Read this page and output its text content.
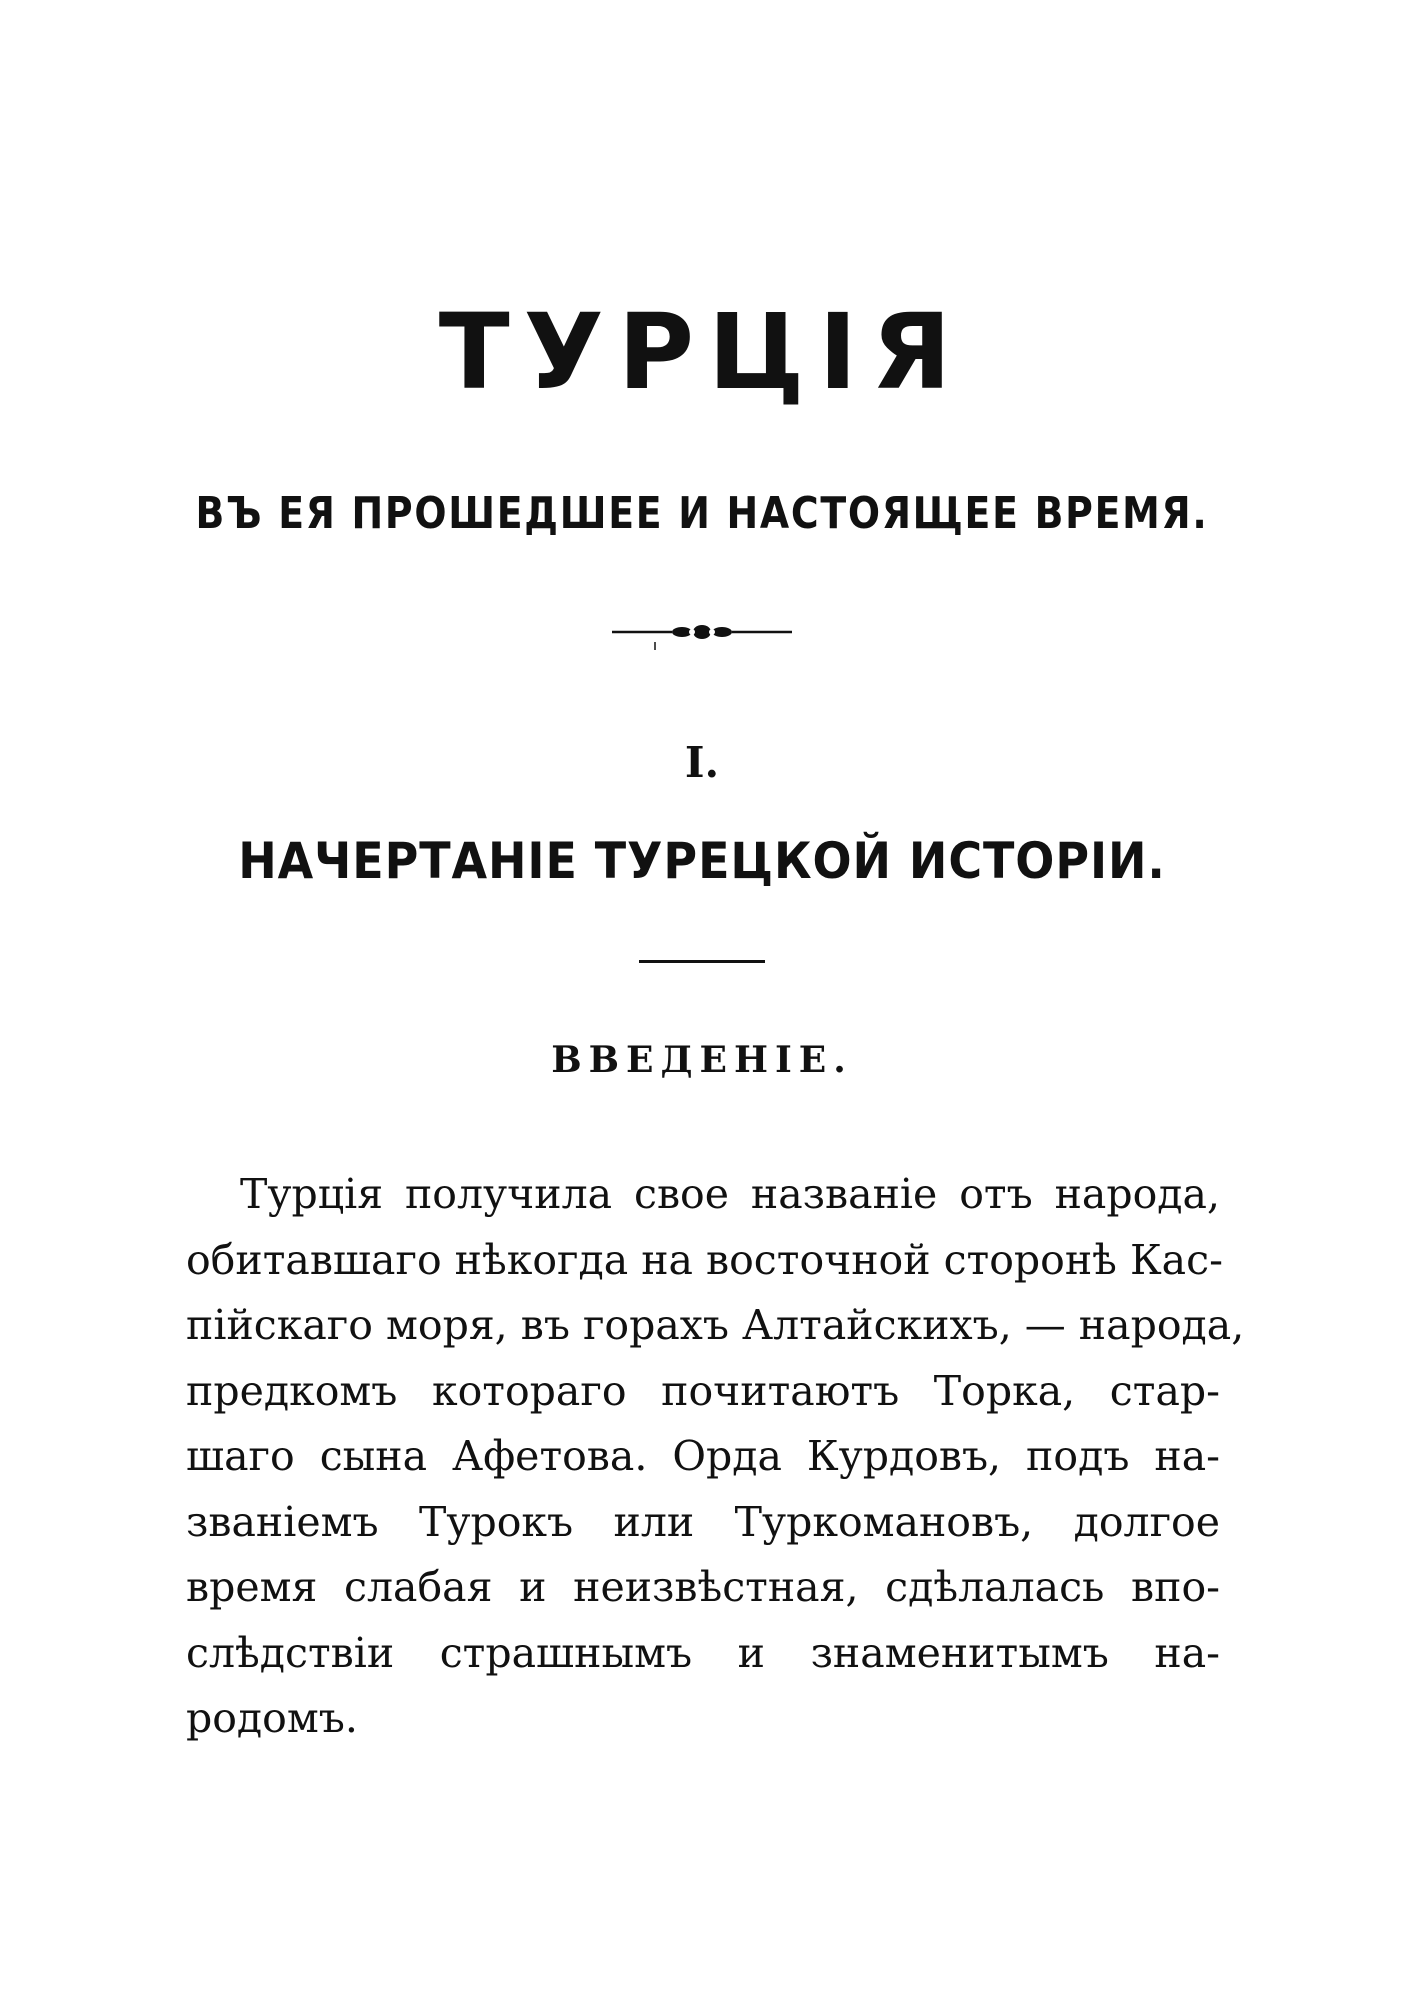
ТУРЦІЯ
ВЪ ЕЯ ПРОШЕДШЕЕ И НАСТОЯЩЕЕ ВРЕМЯ.
I.
НАЧЕРТАНІЕ ТУРЕЦКОЙ ИСТОРІИ.
ВВЕДЕНІЕ.
Турція получила свое названіе отъ народа,
обитавшаго нѣкогда на восточной сторонѣ Кас-
пійскаго моря, въ горахъ Алтайскихъ, — народа,
предкомъ котораго почитаютъ Торка, стар-
шаго сына Афетова. Орда Курдовъ, подъ на-
званіемъ Турокъ или Туркомановъ, долгое
время слабая и неизвѣстная, сдѣлалась впо-
слѣдствіи страшнымъ и знаменитымъ на-
родомъ.
